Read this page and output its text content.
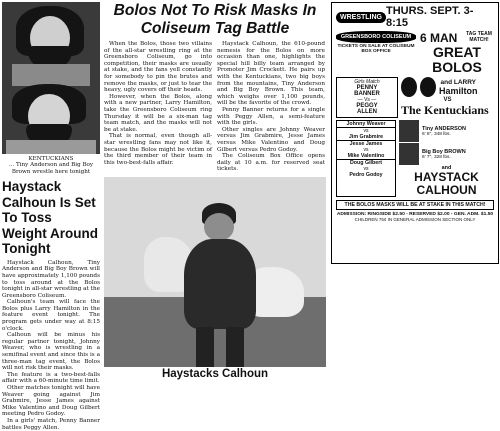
KENTUCKIANS
... Tiny Anderson and Big Boy Brown wrestle here tonight
Haystack Calhoun Is Set To Toss Weight Around Tonight

Haystack Calhoun, Tiny Anderson and Big Boy Brown will have approximately 1,100 pounds to toss around at the Bolos tonight in all-star wrestling at the Greensboro Coliseum.

Calhoun's team will face the Bolos plus Larry Hamilton in the feature event tonight. The program gets under way at 8:15 o'clock.

Calhoun will be minus his regular partner tonight, Johnny Weaver, who is wrestling in a semifinal event and since this is a three-man tag event, the Bolos will not risk their masks.

The feature is a two-best-falls affair with a 60-minute time limit.

Other matches tonight will have Weaver going against Jim Grabmire, Jesse James against Mike Valentino and Doug Gilbert meeting Pedro Godoy.

In a girls' match, Penny Banner battles Peggy Allen.

Bolos Not To Risk Masks In Coliseum Tag Battle

When the Bolos, those two villains of the all-star wrestling ring at the Greensboro Coliseum, go into competition, their masks are usually at stake, and the fans yell constantly for somebody to pin the brutes and remove the masks, or just to tear the heavy, ugly covers off their heads.

However, when the Bolos, along with a new partner, Larry Hamilton, take the Greensboro Coliseum ring Thursday it will be a six-man tag team match, and the masks will not be at stake.

That is normal, even though all-star wrestling fans may not like it, because the Bolos might be victim of the third member of their team in this two-best-falls affair.

Haystack Calhoun, the 610-pound nemesis for the Bolos on more occasion than one, highlights the special hill billy team arranged by Promoter Jim Crockett. He pairs up with the Kentuckians, two big boys from the mountains, Tiny Anderson and Big Boy Brown. This team, which weighs over 1,100 pounds, will be the favorite of the crowd.

Penny Banner returns for a single with Peggy Allen, a semi-feature with the girls.

Other singles are Johnny Weaver versus Jim Grabmire, Jesse James versus Mike Valentino and Doug Gilbert versus Pedro Godoy.

The Coliseum Box Office opens daily at 10 a.m. for reserved seat tickets.

Haystacks Calhoun
WRESTLING THURS. SEPT. 3-8:15
GREENSBORO COLISEUM
TICKETS ON SALE AT COLISEUM BOX OFFICE
6 MAN	TAG TEAM MATCH!
GREAT BOLOS
Girls Match
PENNY
BANNER
— Vs —
PEGGY
ALLEN
and LARRY
Hamilton
VS
The Kentuckians
Johnny Weaver
vs
Jim Grabmire
Jesse James
vs
Mike Valentino
Doug Gilbert
vs
Pedro Godoy
Tiny ANDERSON
6' 8", 348 lbs.
Big Boy BROWN
6' 7", 328 lbs.
and
HAYSTACK
CALHOUN
THE BOLOS MASKS WILL BE AT STAKE IN THIS MATCH!
ADMISSION: RINGSIDE $2.50 - RESERVED $2.00 - GEN. ADM. $1.50
CHILDREN 75¢ IN GENERAL ADMISSION SECTION ONLY
